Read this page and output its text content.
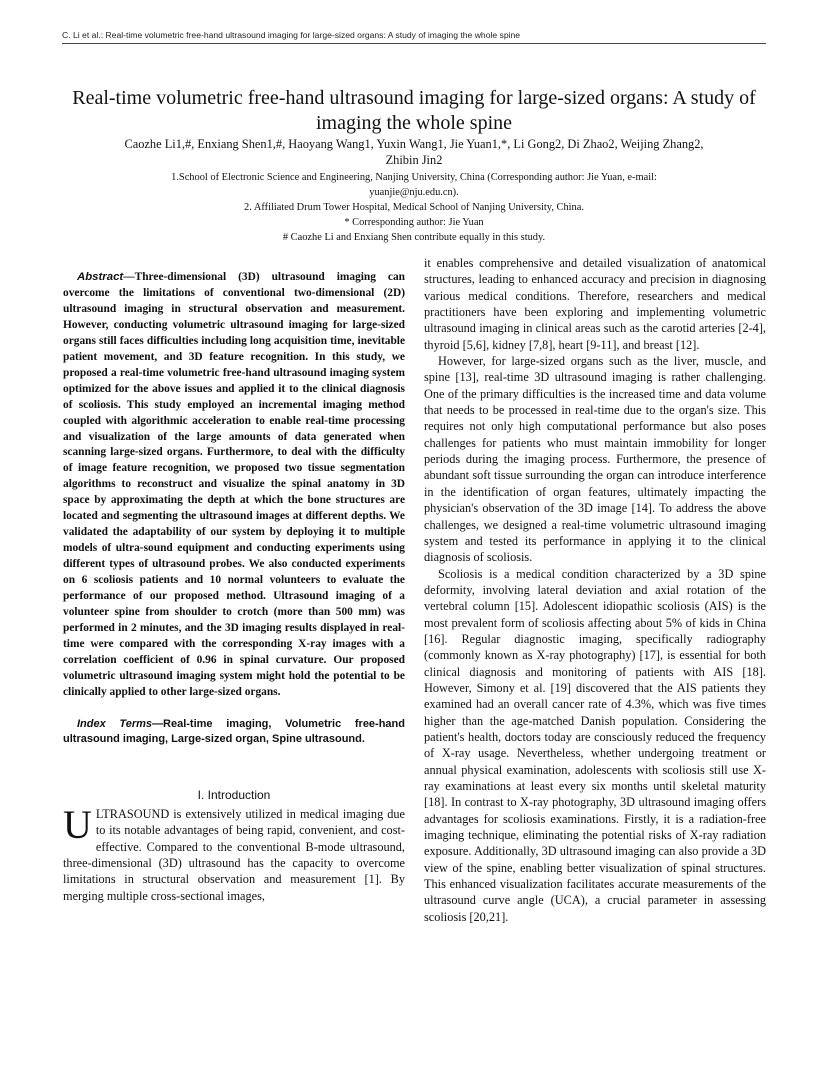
C. Li et al.: Real-time volumetric free-hand ultrasound imaging for large-sized organs: A study of imaging the whole spine
Real-time volumetric free-hand ultrasound imaging for large-sized organs: A study of imaging the whole spine
Caozhe Li1,#, Enxiang Shen1,#, Haoyang Wang1, Yuxin Wang1, Jie Yuan1,*, Li Gong2, Di Zhao2, Weijing Zhang2,
Zhibin Jin2
1.School of Electronic Science and Engineering, Nanjing University, China (Corresponding author: Jie Yuan, e-mail:
yuanjie@nju.edu.cn).
2. Affiliated Drum Tower Hospital, Medical School of Nanjing University, China.
* Corresponding author: Jie Yuan
# Caozhe Li and Enxiang Shen contribute equally in this study.

Abstract—Three-dimensional (3D) ultrasound imaging can overcome the limitations of conventional two-dimensional (2D) ultrasound imaging in structural observation and measurement. However, conducting volumetric ultrasound imaging for large-sized organs still faces difficulties including long acquisition time, inevitable patient movement, and 3D feature recognition. In this study, we proposed a real-time volumetric free-hand ultrasound imaging system optimized for the above issues and applied it to the clinical diagnosis of scoliosis. This study employed an incremental imaging method coupled with algorithmic acceleration to enable real-time processing and visualization of the large amounts of data generated when scanning large-sized organs. Furthermore, to deal with the difficulty of image feature recognition, we proposed two tissue segmentation algorithms to reconstruct and visualize the spinal anatomy in 3D space by approximating the depth at which the bone structures are located and segmenting the ultrasound images at different depths. We validated the adaptability of our system by deploying it to multiple models of ultra-sound equipment and conducting experiments using different types of ultrasound probes. We also conducted experiments on 6 scoliosis patients and 10 normal volunteers to evaluate the performance of our proposed method. Ultrasound imaging of a volunteer spine from shoulder to crotch (more than 500 mm) was performed in 2 minutes, and the 3D imaging results displayed in real-time were compared with the corresponding X-ray images with a correlation coefficient of 0.96 in spinal curvature. Our proposed volumetric ultrasound imaging system might hold the potential to be clinically applied to other large-sized organs.

Index Terms—Real-time imaging, Volumetric free-hand ultrasound imaging, Large-sized organ, Spine ultrasound.

I. Introduction

ULTRASOUND is extensively utilized in medical imaging due to its notable advantages of being rapid, convenient, and cost-effective. Compared to the conventional B-mode ultrasound, three-dimensional (3D) ultrasound has the capacity to overcome limitations in structural observation and measurement [1]. By merging multiple cross-sectional images,

it enables comprehensive and detailed visualization of anatomical structures, leading to enhanced accuracy and precision in diagnosing various medical conditions. Therefore, researchers and medical practitioners have been exploring and implementing volumetric ultrasound imaging in clinical areas such as the carotid arteries [2-4], thyroid [5,6], kidney [7,8], heart [9-11], and breast [12].

However, for large-sized organs such as the liver, muscle, and spine [13], real-time 3D ultrasound imaging is rather challenging. One of the primary difficulties is the increased time and data volume that needs to be processed in real-time due to the organ's size. This requires not only high computational performance but also poses challenges for patients who must maintain immobility for longer periods during the imaging process. Furthermore, the presence of abundant soft tissue surrounding the organ can introduce interference in the identification of organ features, ultimately impacting the physician's observation of the 3D image [14]. To address the above challenges, we designed a real-time volumetric ultrasound imaging system and tested its performance in applying it to the clinical diagnosis of scoliosis.

Scoliosis is a medical condition characterized by a 3D spine deformity, involving lateral deviation and axial rotation of the vertebral column [15]. Adolescent idiopathic scoliosis (AIS) is the most prevalent form of scoliosis affecting about 5% of kids in China [16]. Regular diagnostic imaging, specifically radiography (commonly known as X-ray photography) [17], is essential for both clinical diagnosis and monitoring of patients with AIS [18]. However, Simony et al. [19] discovered that the AIS patients they examined had an overall cancer rate of 4.3%, which was five times higher than the age-matched Danish population. Considering the patient's health, doctors today are consciously reduced the frequency of X-ray usage. Nevertheless, whether undergoing treatment or annual physical examination, adolescents with scoliosis still use X-ray examinations at least every six months until skeletal maturity [18]. In contrast to X-ray photography, 3D ultrasound imaging offers advantages for scoliosis examinations. Firstly, it is a radiation-free imaging technique, eliminating the potential risks of X-ray radiation exposure. Additionally, 3D ultrasound imaging can also provide a 3D view of the spine, enabling better visualization of spinal structures. This enhanced visualization facilitates accurate measurements of the ultrasound curve angle (UCA), a crucial parameter in assessing scoliosis [20,21].
